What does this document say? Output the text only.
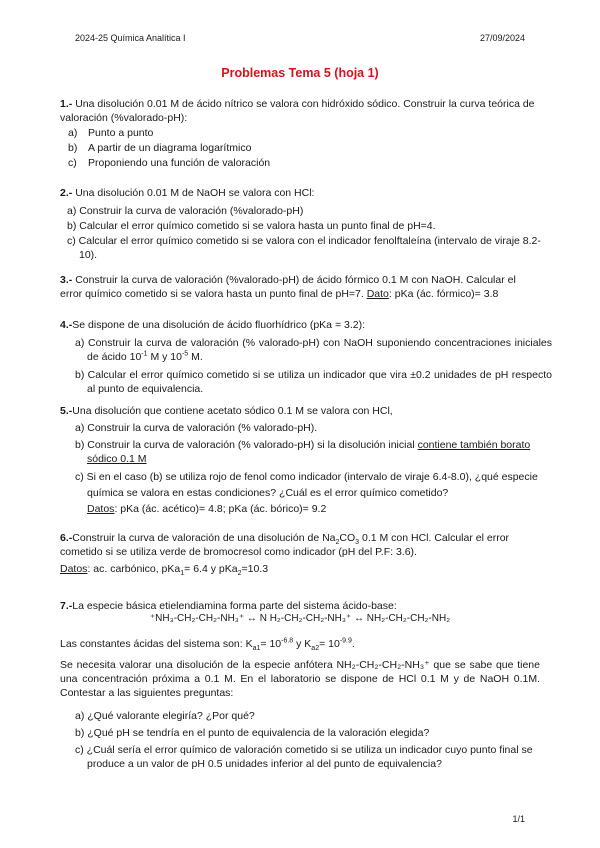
2024-25 Química Analítica I	27/09/2024
Problemas Tema 5 (hoja 1)

1.- Una disolución 0.01 M de ácido nítrico se valora con hidróxido sódico. Construir la curva teórica de valoración (%valorado-pH):

a) Punto a punto
b) A partir de un diagrama logarítmico
c) Proponiendo una función de valoración

2.- Una disolución 0.01 M de NaOH se valora con HCl:

a) Construir la curva de valoración (%valorado-pH)
b) Calcular el error químico cometido si se valora hasta un punto final de pH=4.
c) Calcular el error químico cometido si se valora con el indicador fenolftaleína (intervalo de viraje 8.2-10).

3.- Construir la curva de valoración (%valorado-pH) de ácido fórmico 0.1 M con NaOH. Calcular el error químico cometido si se valora hasta un punto final de pH=7. Dato: pKa (ác. fórmico)= 3.8

4.-Se dispone de una disolución de ácido fluorhídrico (pKa = 3.2):

a) Construir la curva de valoración (% valorado-pH) con NaOH suponiendo concentraciones iniciales de ácido $10^{-1}$ M y $10^{-5}$ M.
b) Calcular el error químico cometido si se utiliza un indicador que vira ±0.2 unidades de pH respecto al punto de equivalencia.

5.-Una disolución que contiene acetato sódico 0.1 M se valora con HCl,

a) Construir la curva de valoración (% valorado-pH).
b) Construir la curva de valoración (% valorado-pH) si la disolución inicial contiene también borato  sódico 0.1 M
c) Si en el caso (b) se utiliza rojo de fenol como indicador (intervalo de viraje 6.4-8.0), ¿qué especie química se valora en estas condiciones? ¿Cuál es el error químico cometido?
Datos: pKa (ác. acético)= 4.8; pKa (ác. bórico)= 9.2

6.-Construir la curva de valoración de una disolución de $Na_2CO_3$ 0.1 M con HCl. Calcular el error cometido si se utiliza verde de bromocresol como indicador (pH del P.F: 3.6).

Datos: ac. carbónico, pKa$_1$= 6.4 y pKa$_2$=10.3

7.-La especie básica etielendiamina forma parte del sistema ácido-base:

⁺NH₃-CH₂-CH₂-NH₃⁺ ↔ N H₂-CH₂-CH₂-NH₃⁺ ↔ NH₂-CH₂-CH₂-NH₂

Las constantes ácidas del sistema son: $K_{a1}= 10^{-6.8}$ y $K_{a2}= 10^{-9.9}$.

Se necesita valorar una disolución de la especie anfótera NH₂-CH₂-CH₂-NH₃⁺ que se sabe que tiene una concentración próxima a 0.1 M. En el laboratorio se dispone de HCl 0.1 M y de NaOH 0.1M. Contestar a las siguientes preguntas:

a) ¿Qué valorante elegiría? ¿Por qué?
b) ¿Qué pH se tendría en el punto de equivalencia de la valoración elegida?
c) ¿Cuál sería el error químico de valoración cometido si se utiliza un indicador cuyo punto final se produce a un valor de pH 0.5 unidades inferior al del punto de equivalencia?
1/1
